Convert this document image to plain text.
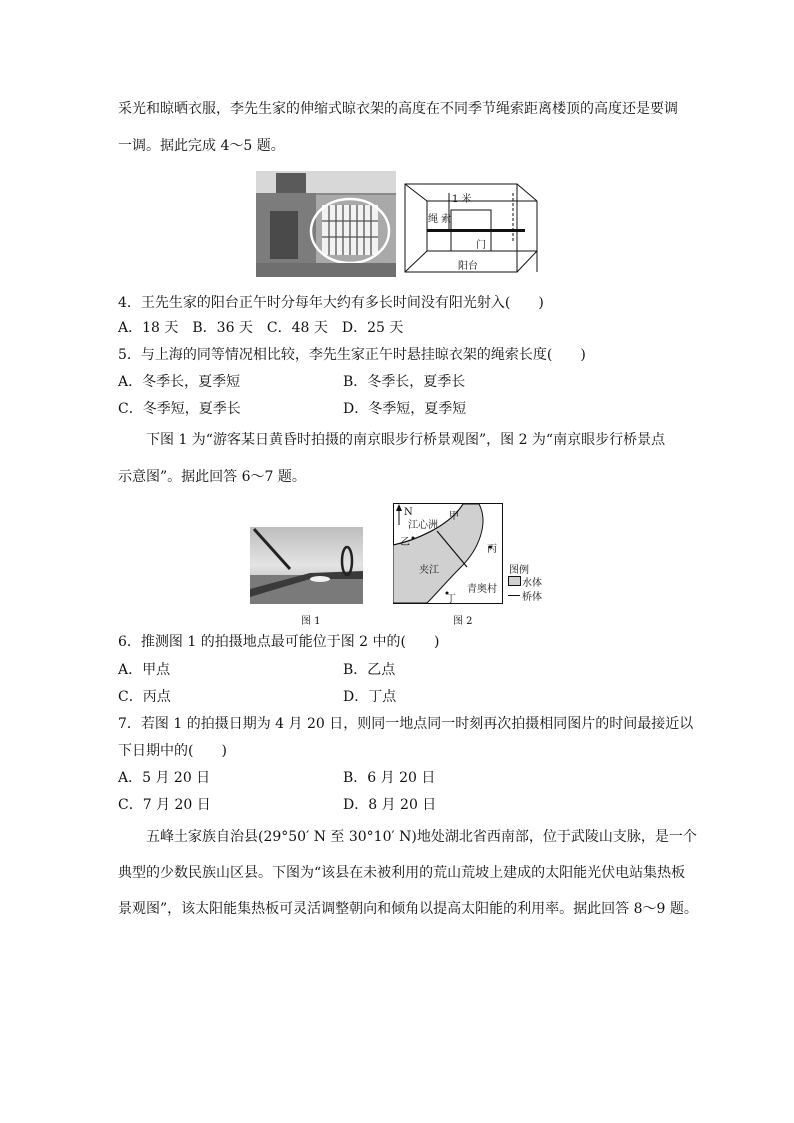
采光和晾晒衣服，李先生家的伸缩式晾衣架的高度在不同季节绳索距离楼顶的高度还是要调
一调。据此完成 4～5 题。
1 米
绳 索
门
阳台
4．王先生家的阳台正午时分每年大约有多长时间没有阳光射入(　　)
A．18 天　B．36 天　C．48 天　D．25 天
5．与上海的同等情况相比较，李先生家正午时悬挂晾衣架的绳索长度(　　)
A．冬季长，夏季短	B．冬季长，夏季长
C．冬季短，夏季长	D．冬季短，夏季短
下图 1 为“游客某日黄昏时拍摄的南京眼步行桥景观图”，图 2 为“南京眼步行桥景点
示意图”。据此回答 6～7 题。
图 1
N
江心洲
甲
乙
丙
丁
夹江
青奥村
图例
水体
桥体
图 2
6．推测图 1 的拍摄地点最可能位于图 2 中的(　　)
A．甲点	B．乙点
C．丙点	D．丁点
7．若图 1 的拍摄日期为 4 月 20 日，则同一地点同一时刻再次拍摄相同图片的时间最接近以
下日期中的(　　)
A．5 月 20 日	B．6 月 20 日
C．7 月 20 日	D．8 月 20 日
五峰土家族自治县(29°50′ N 至 30°10′ N)地处湖北省西南部，位于武陵山支脉，是一个
典型的少数民族山区县。下图为“该县在未被利用的荒山荒坡上建成的太阳能光伏电站集热板
景观图”，该太阳能集热板可灵活调整朝向和倾角以提高太阳能的利用率。据此回答 8～9 题。
